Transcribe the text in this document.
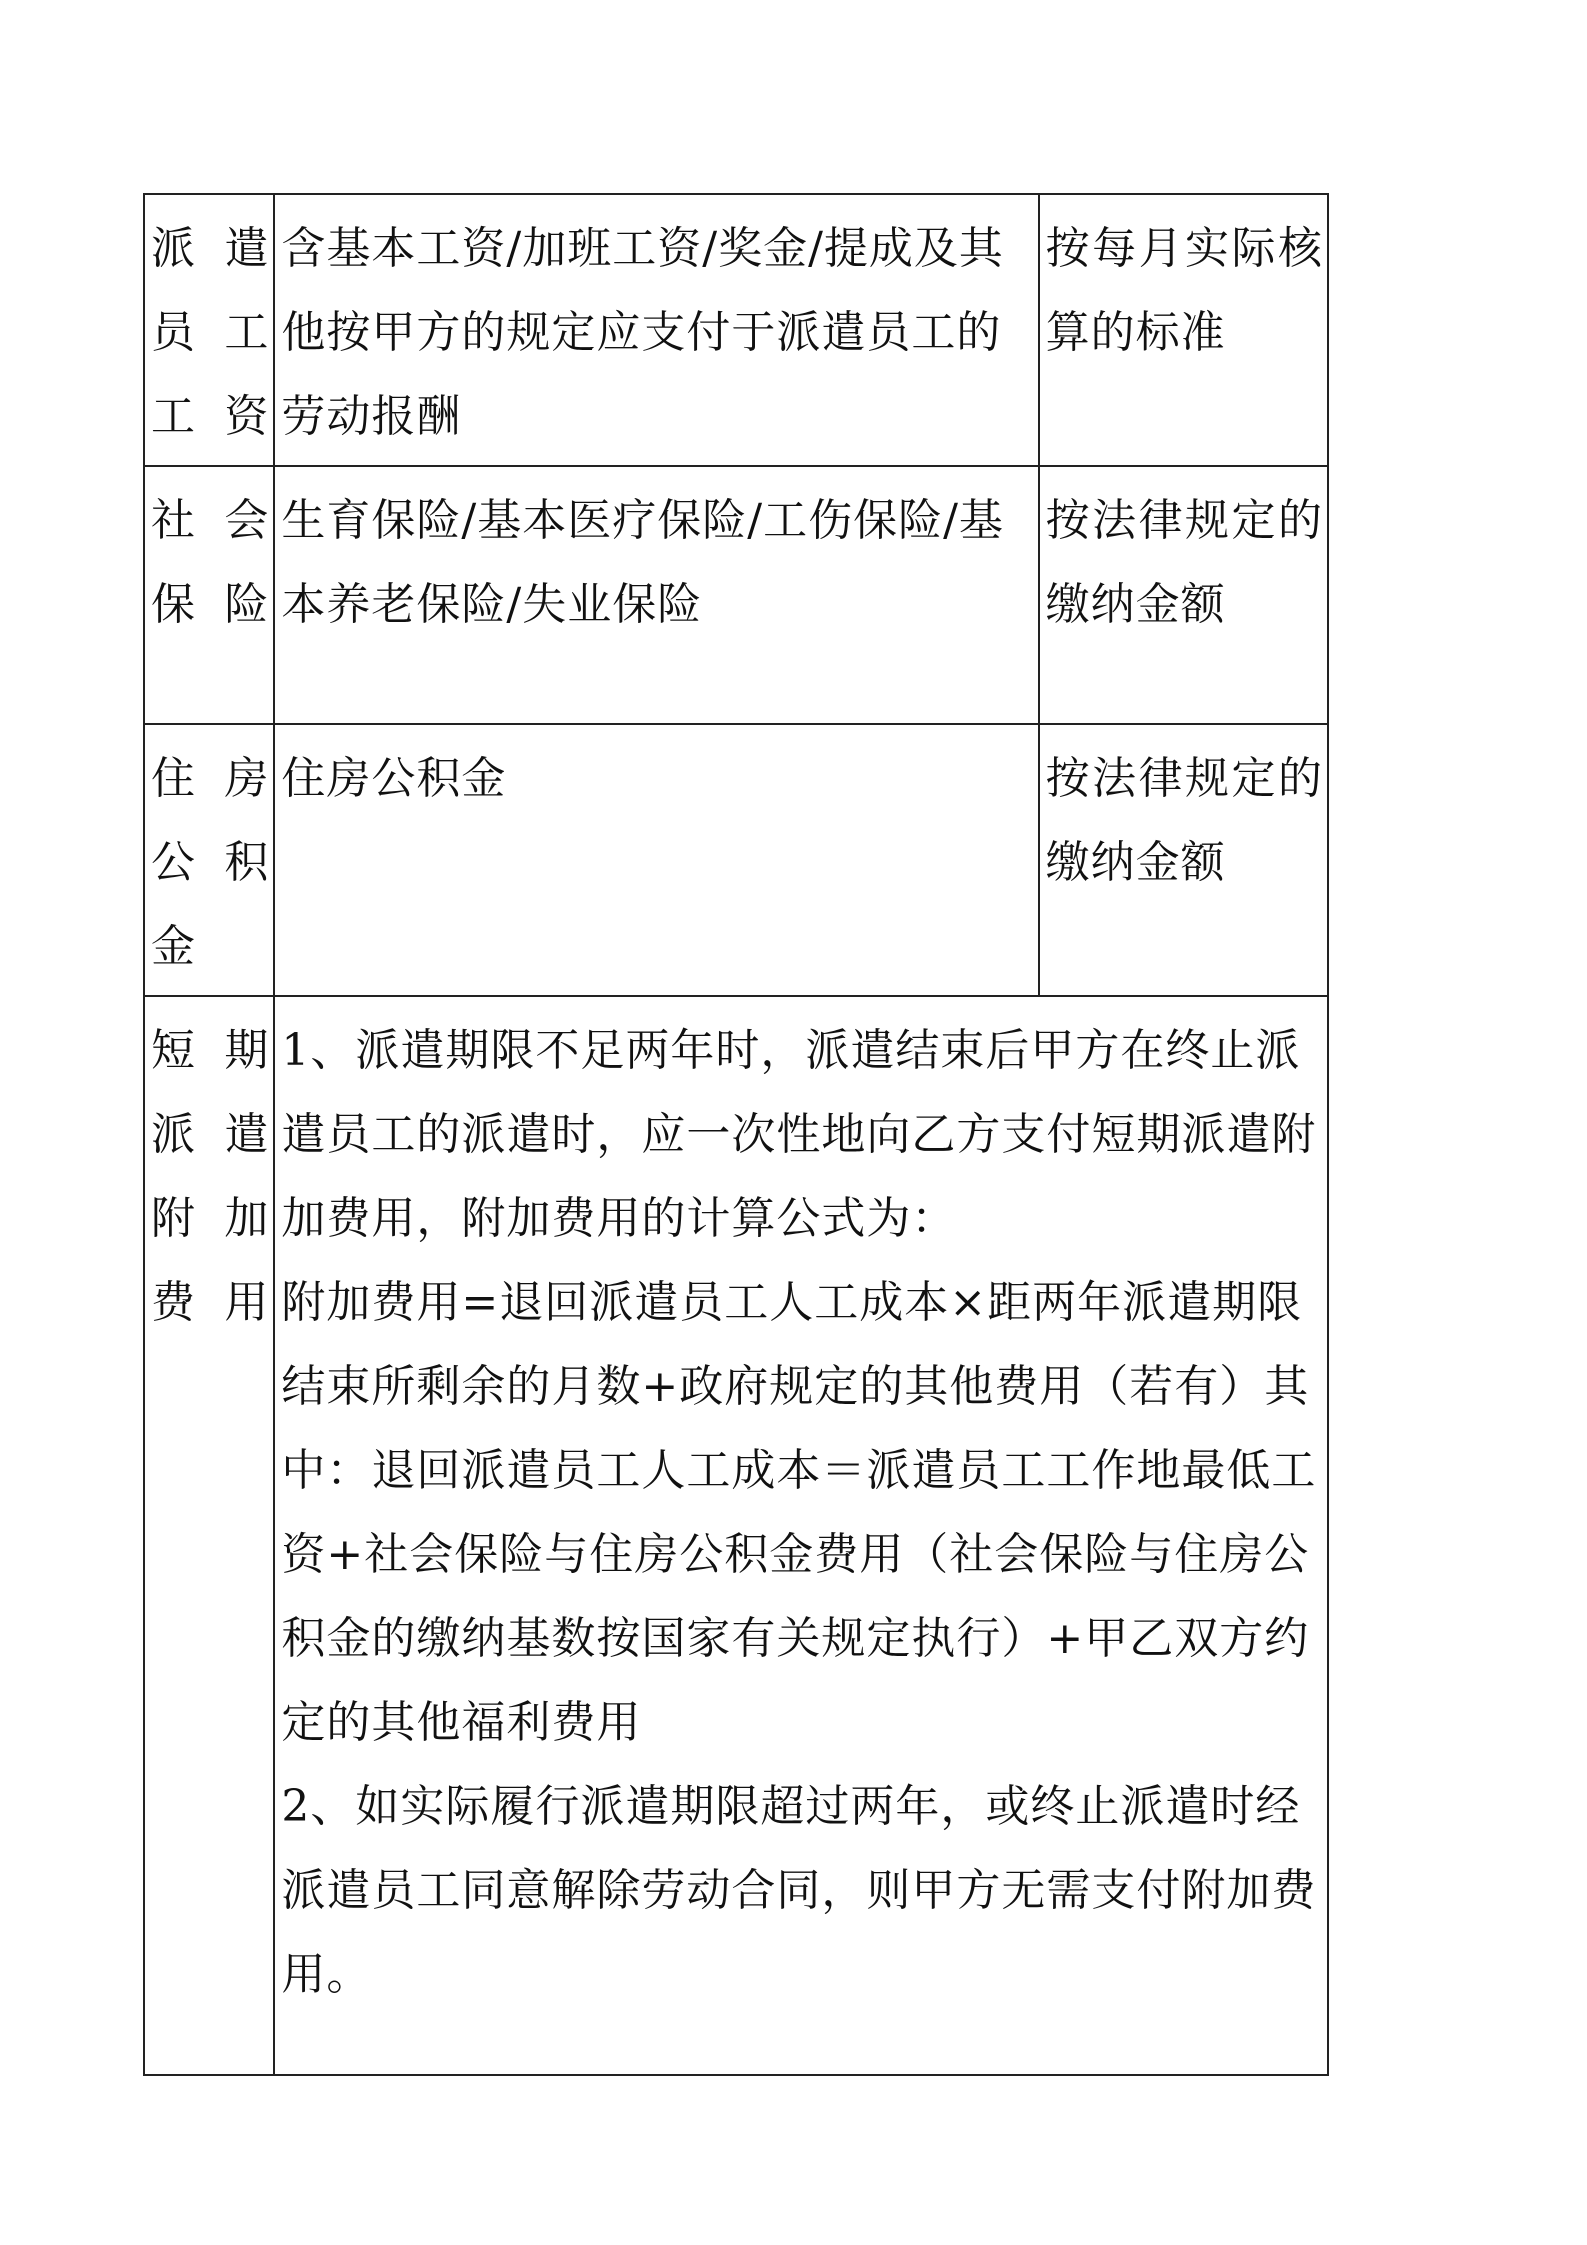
派遣员工工资	含基本工资/加班工资/奖金/提成及其他按甲方的规定应支付于派遣员工的劳动报酬	按每月实际核算的标准

社会保险	生育保险/基本医疗保险/工伤保险/基本养老保险/失业保险	按法律规定的缴纳金额

住房公积金	住房公积金	按法律规定的缴纳金额

短期派遣附加费用	1、派遣期限不足两年时，派遣结束后甲方在终止派遣员工的派遣时，应一次性地向乙方支付短期派遣附加费用，附加费用的计算公式为：
附加费用=退回派遣员工人工成本×距两年派遣期限结束所剩余的月数+政府规定的其他费用（若有）其中：退回派遣员工人工成本＝派遣员工工作地最低工资+社会保险与住房公积金费用（社会保险与住房公积金的缴纳基数按国家有关规定执行）+甲乙双方约定的其他福利费用
2、如实际履行派遣期限超过两年，或终止派遣时经派遣员工同意解除劳动合同，则甲方无需支付附加费用。	
